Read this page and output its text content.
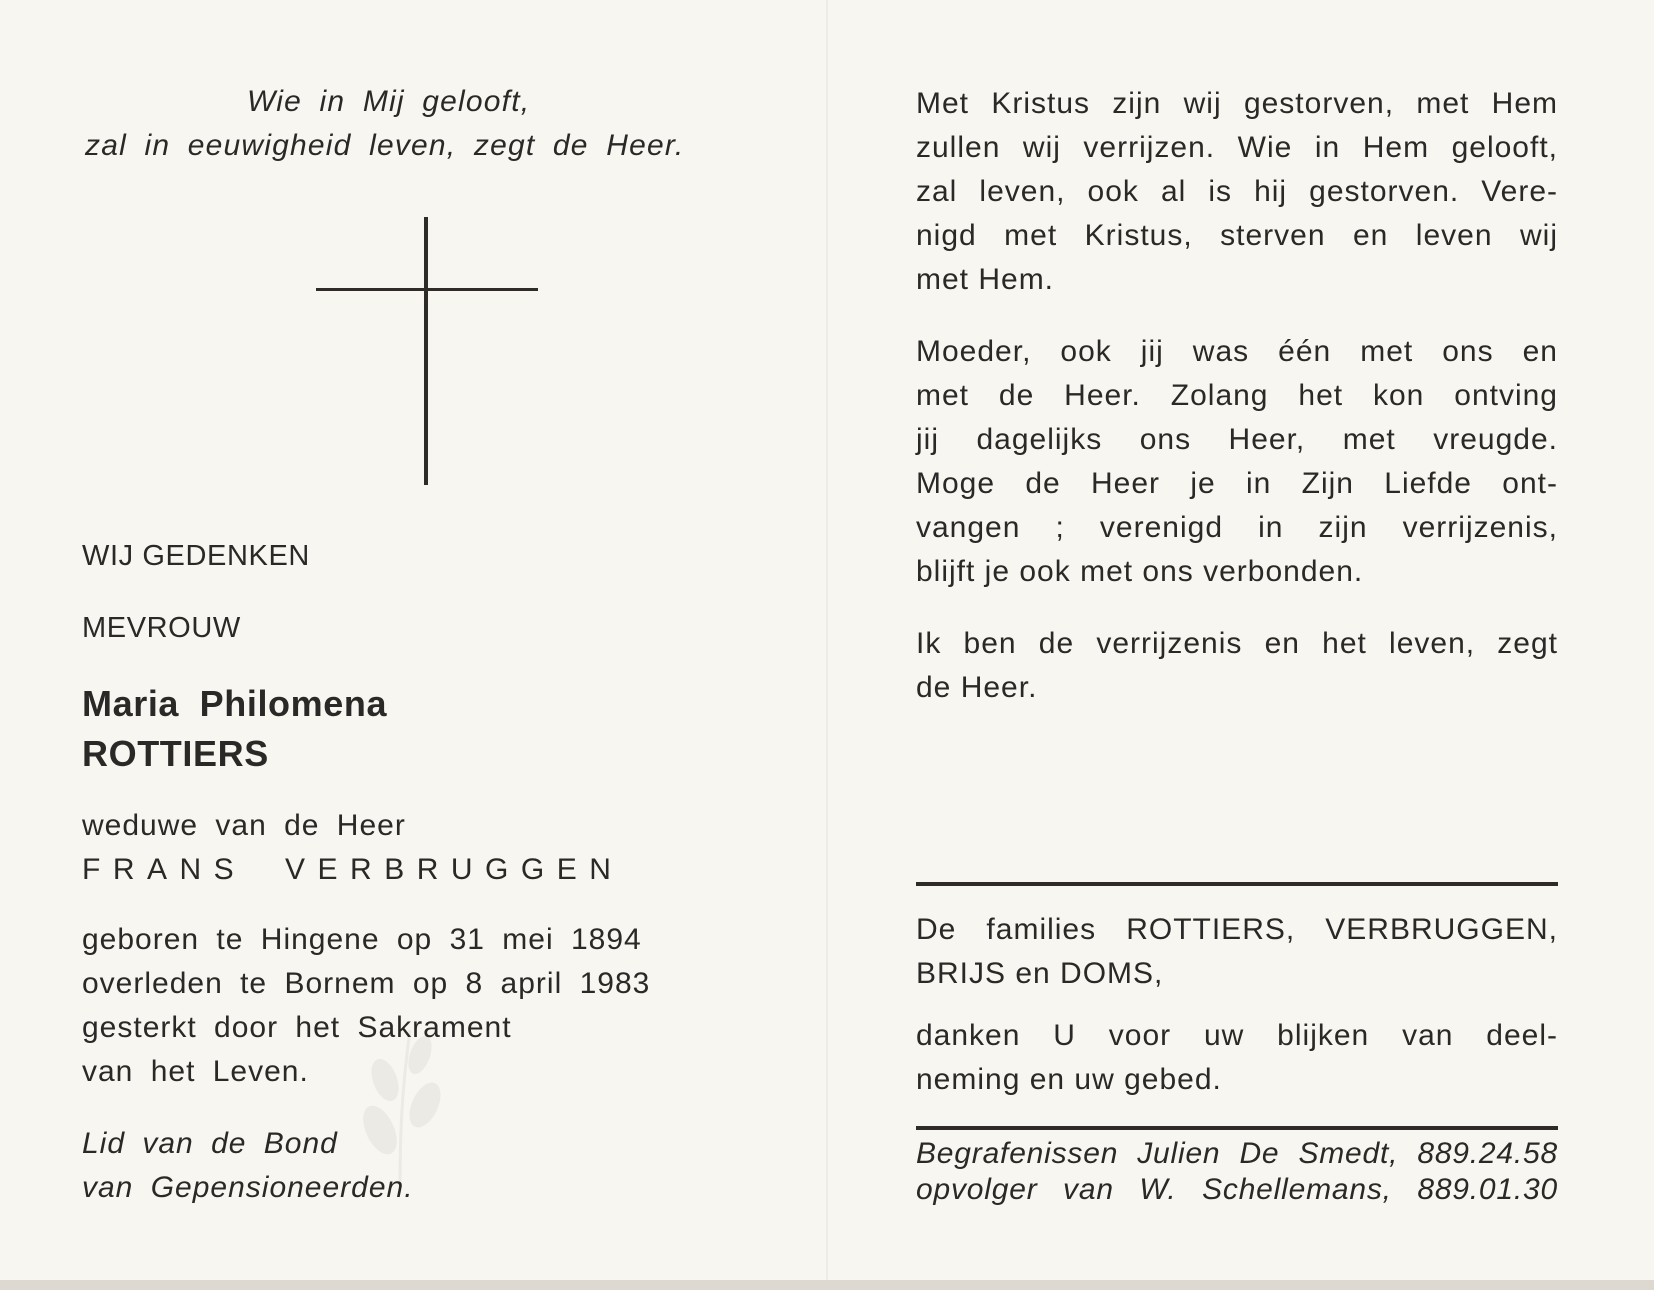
Wie in Mij gelooft,
zal in eeuwigheid leven, zegt de Heer.
WIJ GEDENKEN
MEVROUW
Maria Philomena
ROTTIERS
weduwe van de Heer
FRANS VERBRUGGEN
geboren te Hingene op 31 mei 1894
overleden te Bornem op 8 april 1983
gesterkt door het Sakrament
van het Leven.
Lid van de Bond
van Gepensioneerden.
Met Kristus zijn wij gestorven, met Hem
zullen wij verrijzen. Wie in Hem gelooft,
zal leven, ook al is hij gestorven. Vere-
nigd met Kristus, sterven en leven wij
met Hem.
Moeder, ook jij was één met ons en
met de Heer. Zolang het kon ontving
jij dagelijks ons Heer, met vreugde.
Moge de Heer je in Zijn Liefde ont-
vangen ; verenigd in zijn verrijzenis,
blijft je ook met ons verbonden.
Ik ben de verrijzenis en het leven, zegt
de Heer.
De families ROTTIERS, VERBRUGGEN,
BRIJS en DOMS,
danken U voor uw blijken van deel-
neming en uw gebed.
Begrafenissen Julien De Smedt, 889.24.58
opvolger van W. Schellemans, 889.01.30
